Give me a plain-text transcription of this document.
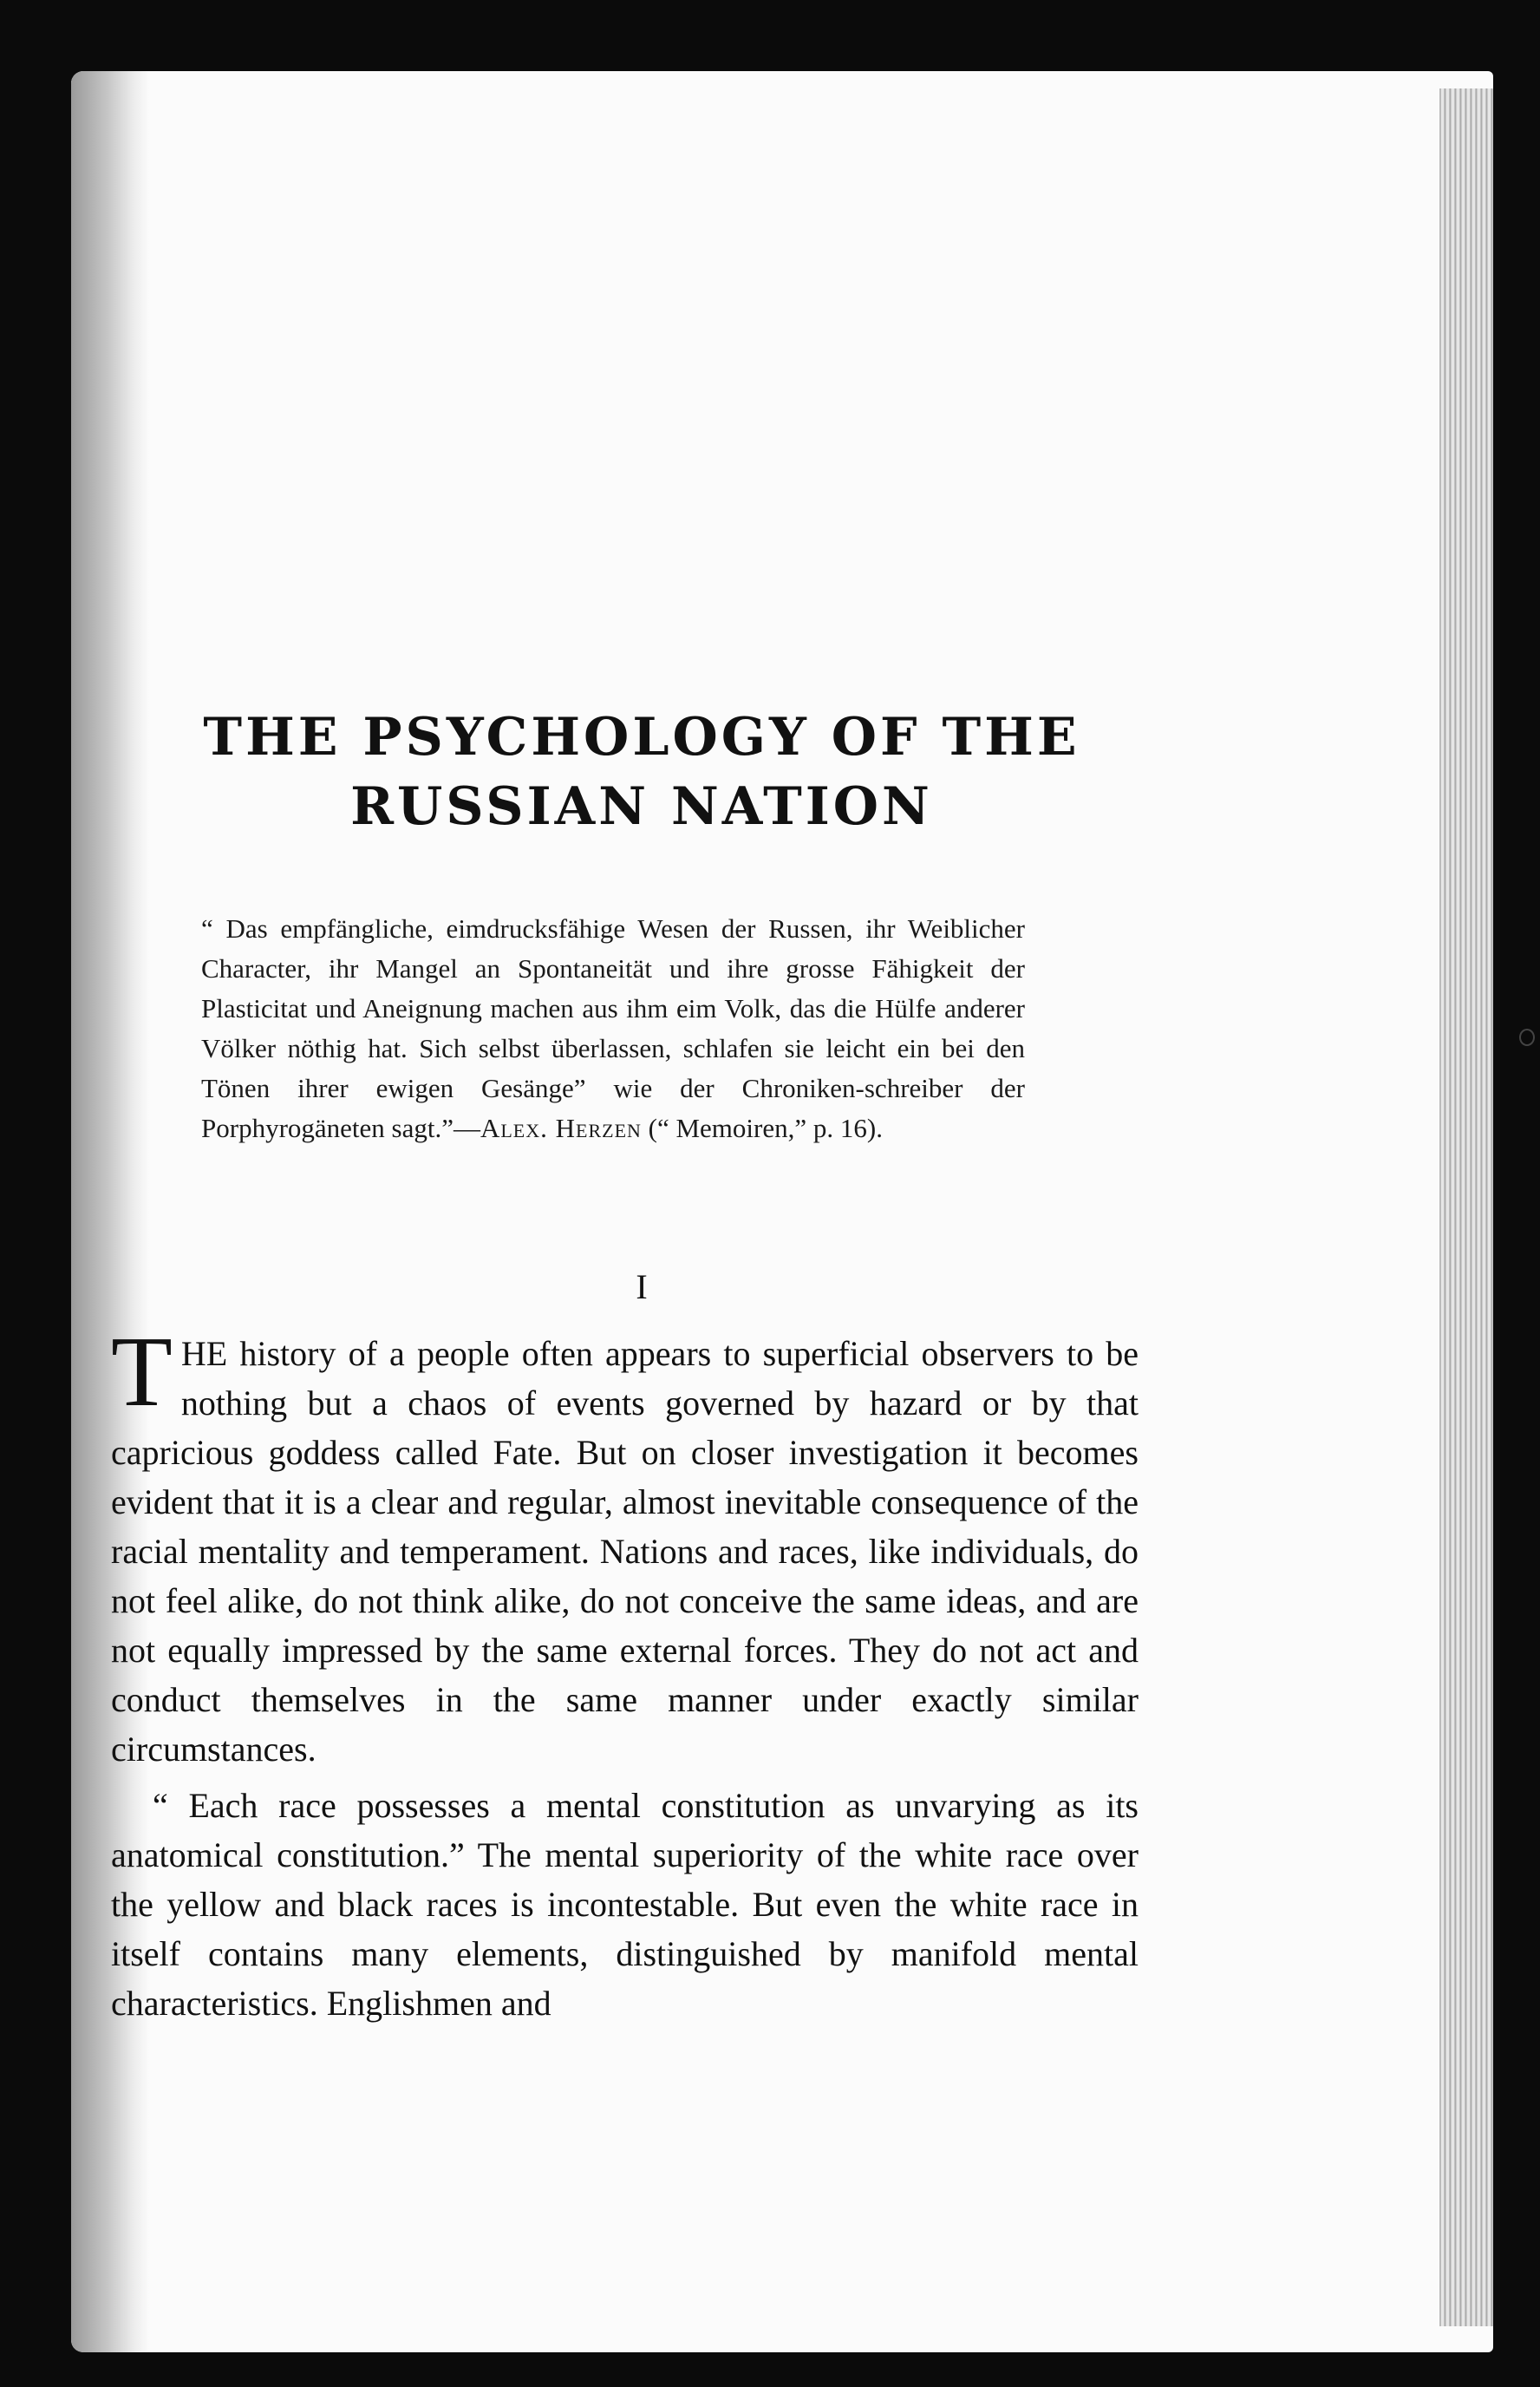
THE PSYCHOLOGY OF THE
RUSSIAN NATION
“ Das empfängliche, eimdrucksfähige Wesen der Russen, ihr Weiblicher Character, ihr Mangel an Spontaneität und ihre grosse Fähigkeit der Plasticitat und Aneignung machen aus ihm eim Volk, das die Hülfe anderer Völker nöthig hat. Sich selbst überlassen, schlafen sie leicht ein bei den Tönen ihrer ewigen Gesänge” wie der Chroniken-schreiber der Porphyrogäneten sagt.”—Alex. Herzen (“ Memoiren,” p. 16).
I

THE history of a people often appears to superficial observers to be nothing but a chaos of events governed by hazard or by that capricious goddess called Fate. But on closer investigation it becomes evident that it is a clear and regular, almost inevitable consequence of the racial mentality and temperament. Nations and races, like individuals, do not feel alike, do not think alike, do not conceive the same ideas, and are not equally impressed by the same external forces. They do not act and conduct themselves in the same manner under exactly similar circumstances.

“ Each race possesses a mental constitution as unvarying as its anatomical constitution.” The mental superiority of the white race over the yellow and black races is incontestable. But even the white race in itself contains many elements, distinguished by manifold mental characteristics. Englishmen and
